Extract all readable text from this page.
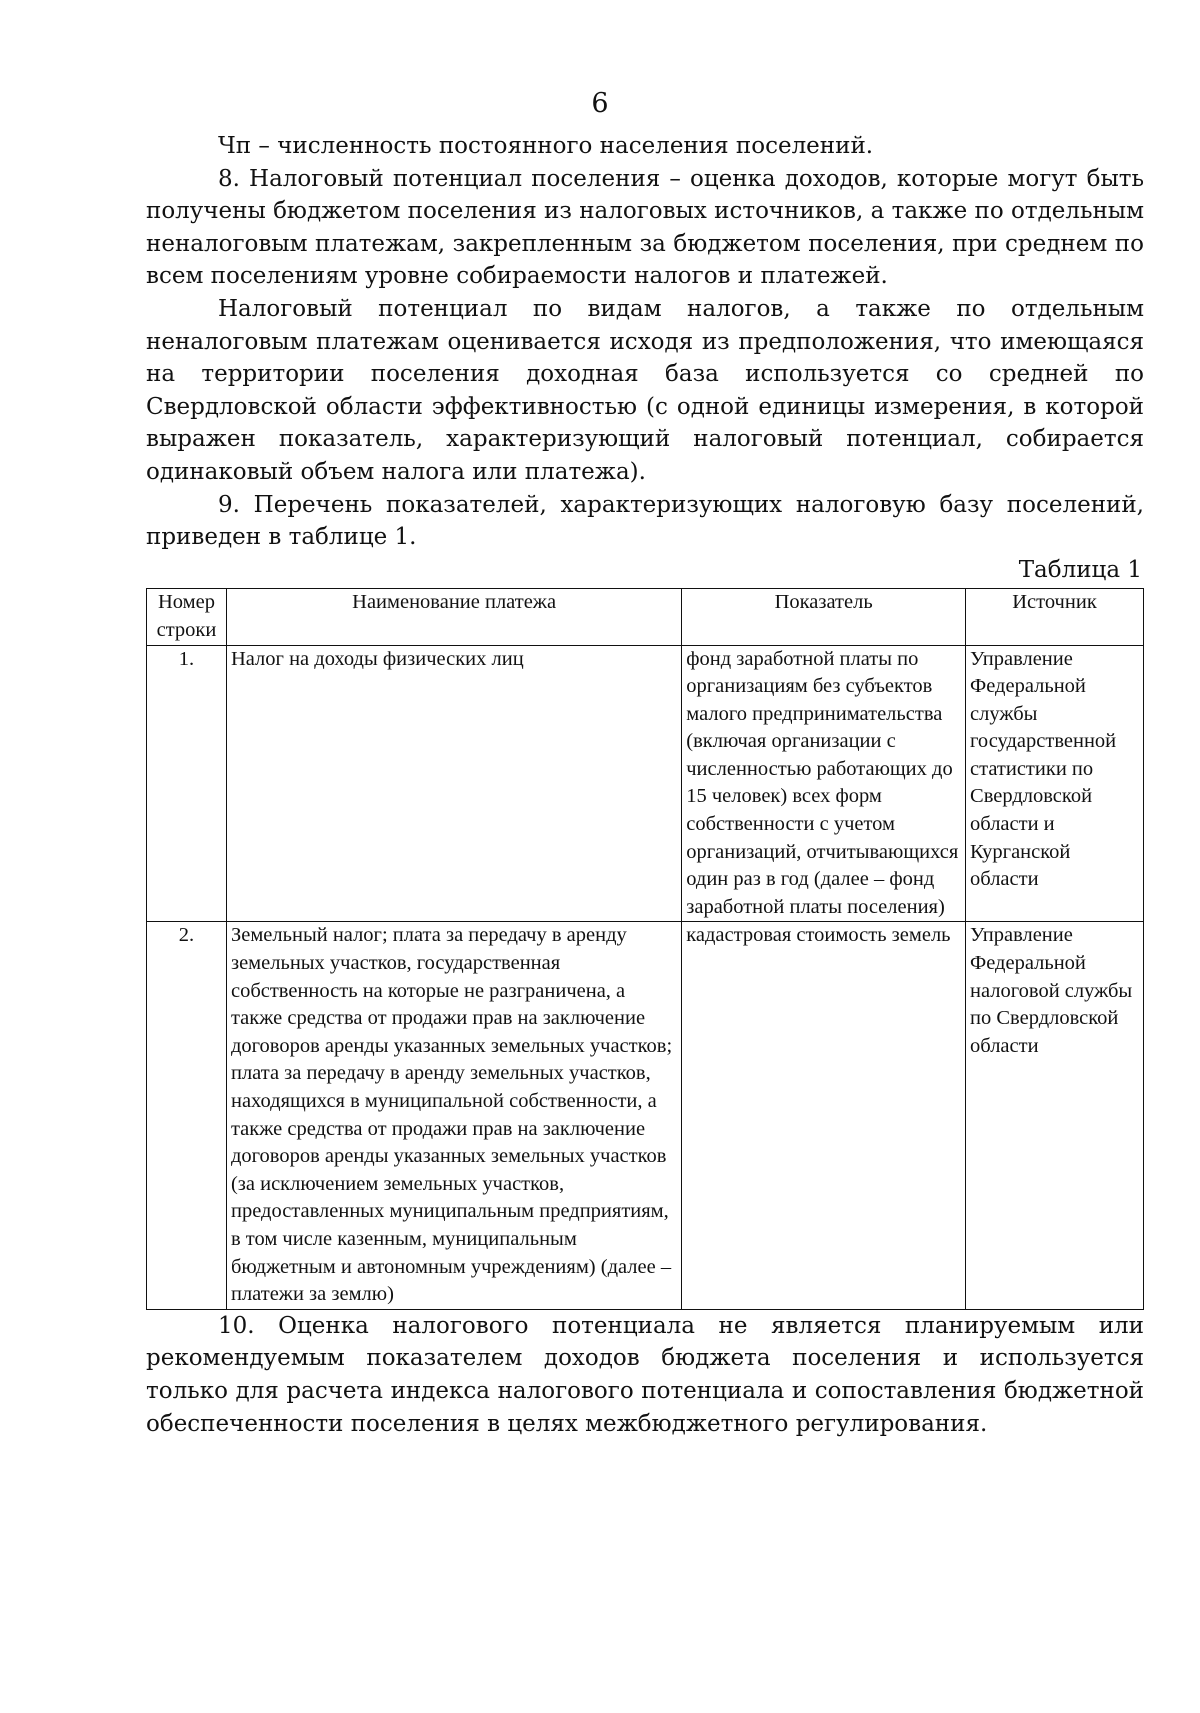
6

Чп – численность постоянного населения поселений.

8. Налоговый потенциал поселения – оценка доходов, которые могут быть получены бюджетом поселения из налоговых источников, а также по отдельным неналоговым платежам, закрепленным за бюджетом поселения, при среднем по всем поселениям уровне собираемости налогов и платежей.

Налоговый потенциал по видам налогов, а также по отдельным неналоговым платежам оценивается исходя из предположения, что имеющаяся на территории поселения доходная база используется со средней по Свердловской области эффективностью (с одной единицы измерения, в которой выражен показатель, характеризующий налоговый потенциал, собирается одинаковый объем налога или платежа).

9. Перечень показателей, характеризующих налоговую базу поселений, приведен в таблице 1.

Таблица 1
Номер строки	Наименование платежа	Показатель	Источник
1.	Налог на доходы физических лиц	фонд заработной платы по организациям без субъектов малого предпринимательства (включая организации с численностью работающих до 15 человек) всех форм собственности с учетом организаций, отчитывающихся один раз в год (далее – фонд заработной платы поселения)	Управление Федеральной службы государственной статистики по Свердловской области и Курганской области
2.	Земельный налог; плата за передачу в аренду земельных участков, государственная собственность на которые не разграничена, а также средства от продажи прав на заключение договоров аренды указанных земельных участков; плата за передачу в аренду земельных участков, находящихся в муниципальной собственности, а также средства от продажи прав на заключение договоров аренды указанных земельных участков (за исключением земельных участков, предоставленных муниципальным предприятиям, в том числе казенным, муниципальным бюджетным и автономным учреждениям) (далее – платежи за землю)	кадастровая стоимость земель	Управление Федеральной налоговой службы по Свердловской области

10. Оценка налогового потенциала не является планируемым или рекомендуемым показателем доходов бюджета поселения и используется только для расчета индекса налогового потенциала и сопоставления бюджетной обеспеченности поселения в целях межбюджетного регулирования.
